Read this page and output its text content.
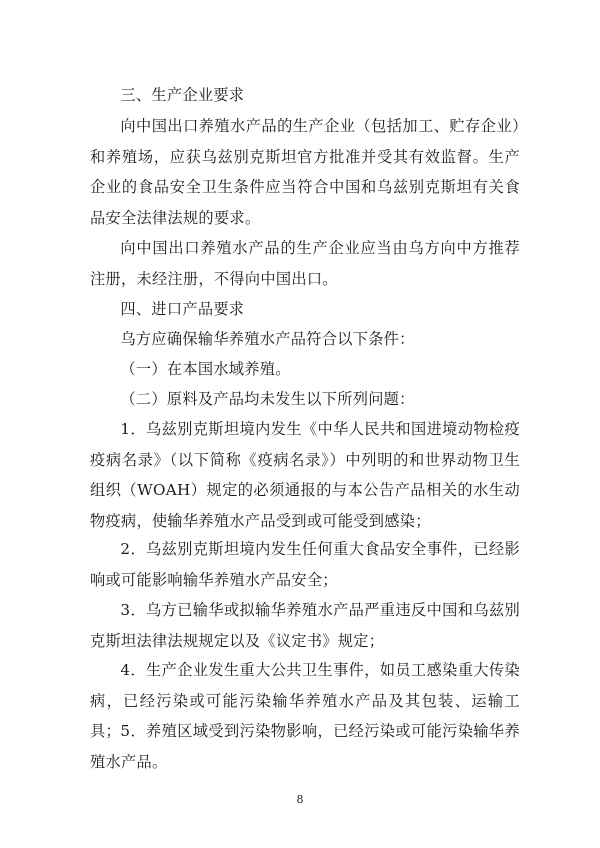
三、生产企业要求

向中国出口养殖水产品的生产企业（包括加工、贮存企业）和养殖场，应获乌兹别克斯坦官方批准并受其有效监督。生产企业的食品安全卫生条件应当符合中国和乌兹别克斯坦有关食品安全法律法规的要求。

向中国出口养殖水产品的生产企业应当由乌方向中方推荐注册，未经注册，不得向中国出口。

四、进口产品要求

乌方应确保输华养殖水产品符合以下条件：

（一）在本国水域养殖。

（二）原料及产品均未发生以下所列问题：

1．乌兹别克斯坦境内发生《中华人民共和国进境动物检疫疫病名录》（以下简称《疫病名录》）中列明的和世界动物卫生组织（WOAH）规定的必须通报的与本公告产品相关的水生动物疫病，使输华养殖水产品受到或可能受到感染；

2．乌兹别克斯坦境内发生任何重大食品安全事件，已经影响或可能影响输华养殖水产品安全；

3．乌方已输华或拟输华养殖水产品严重违反中国和乌兹别克斯坦法律法规规定以及《议定书》规定；

4．生产企业发生重大公共卫生事件，如员工感染重大传染病，已经污染或可能污染输华养殖水产品及其包装、运输工具； 5．养殖区域受到污染物影响，已经污染或可能污染输华养殖水产品。

8
